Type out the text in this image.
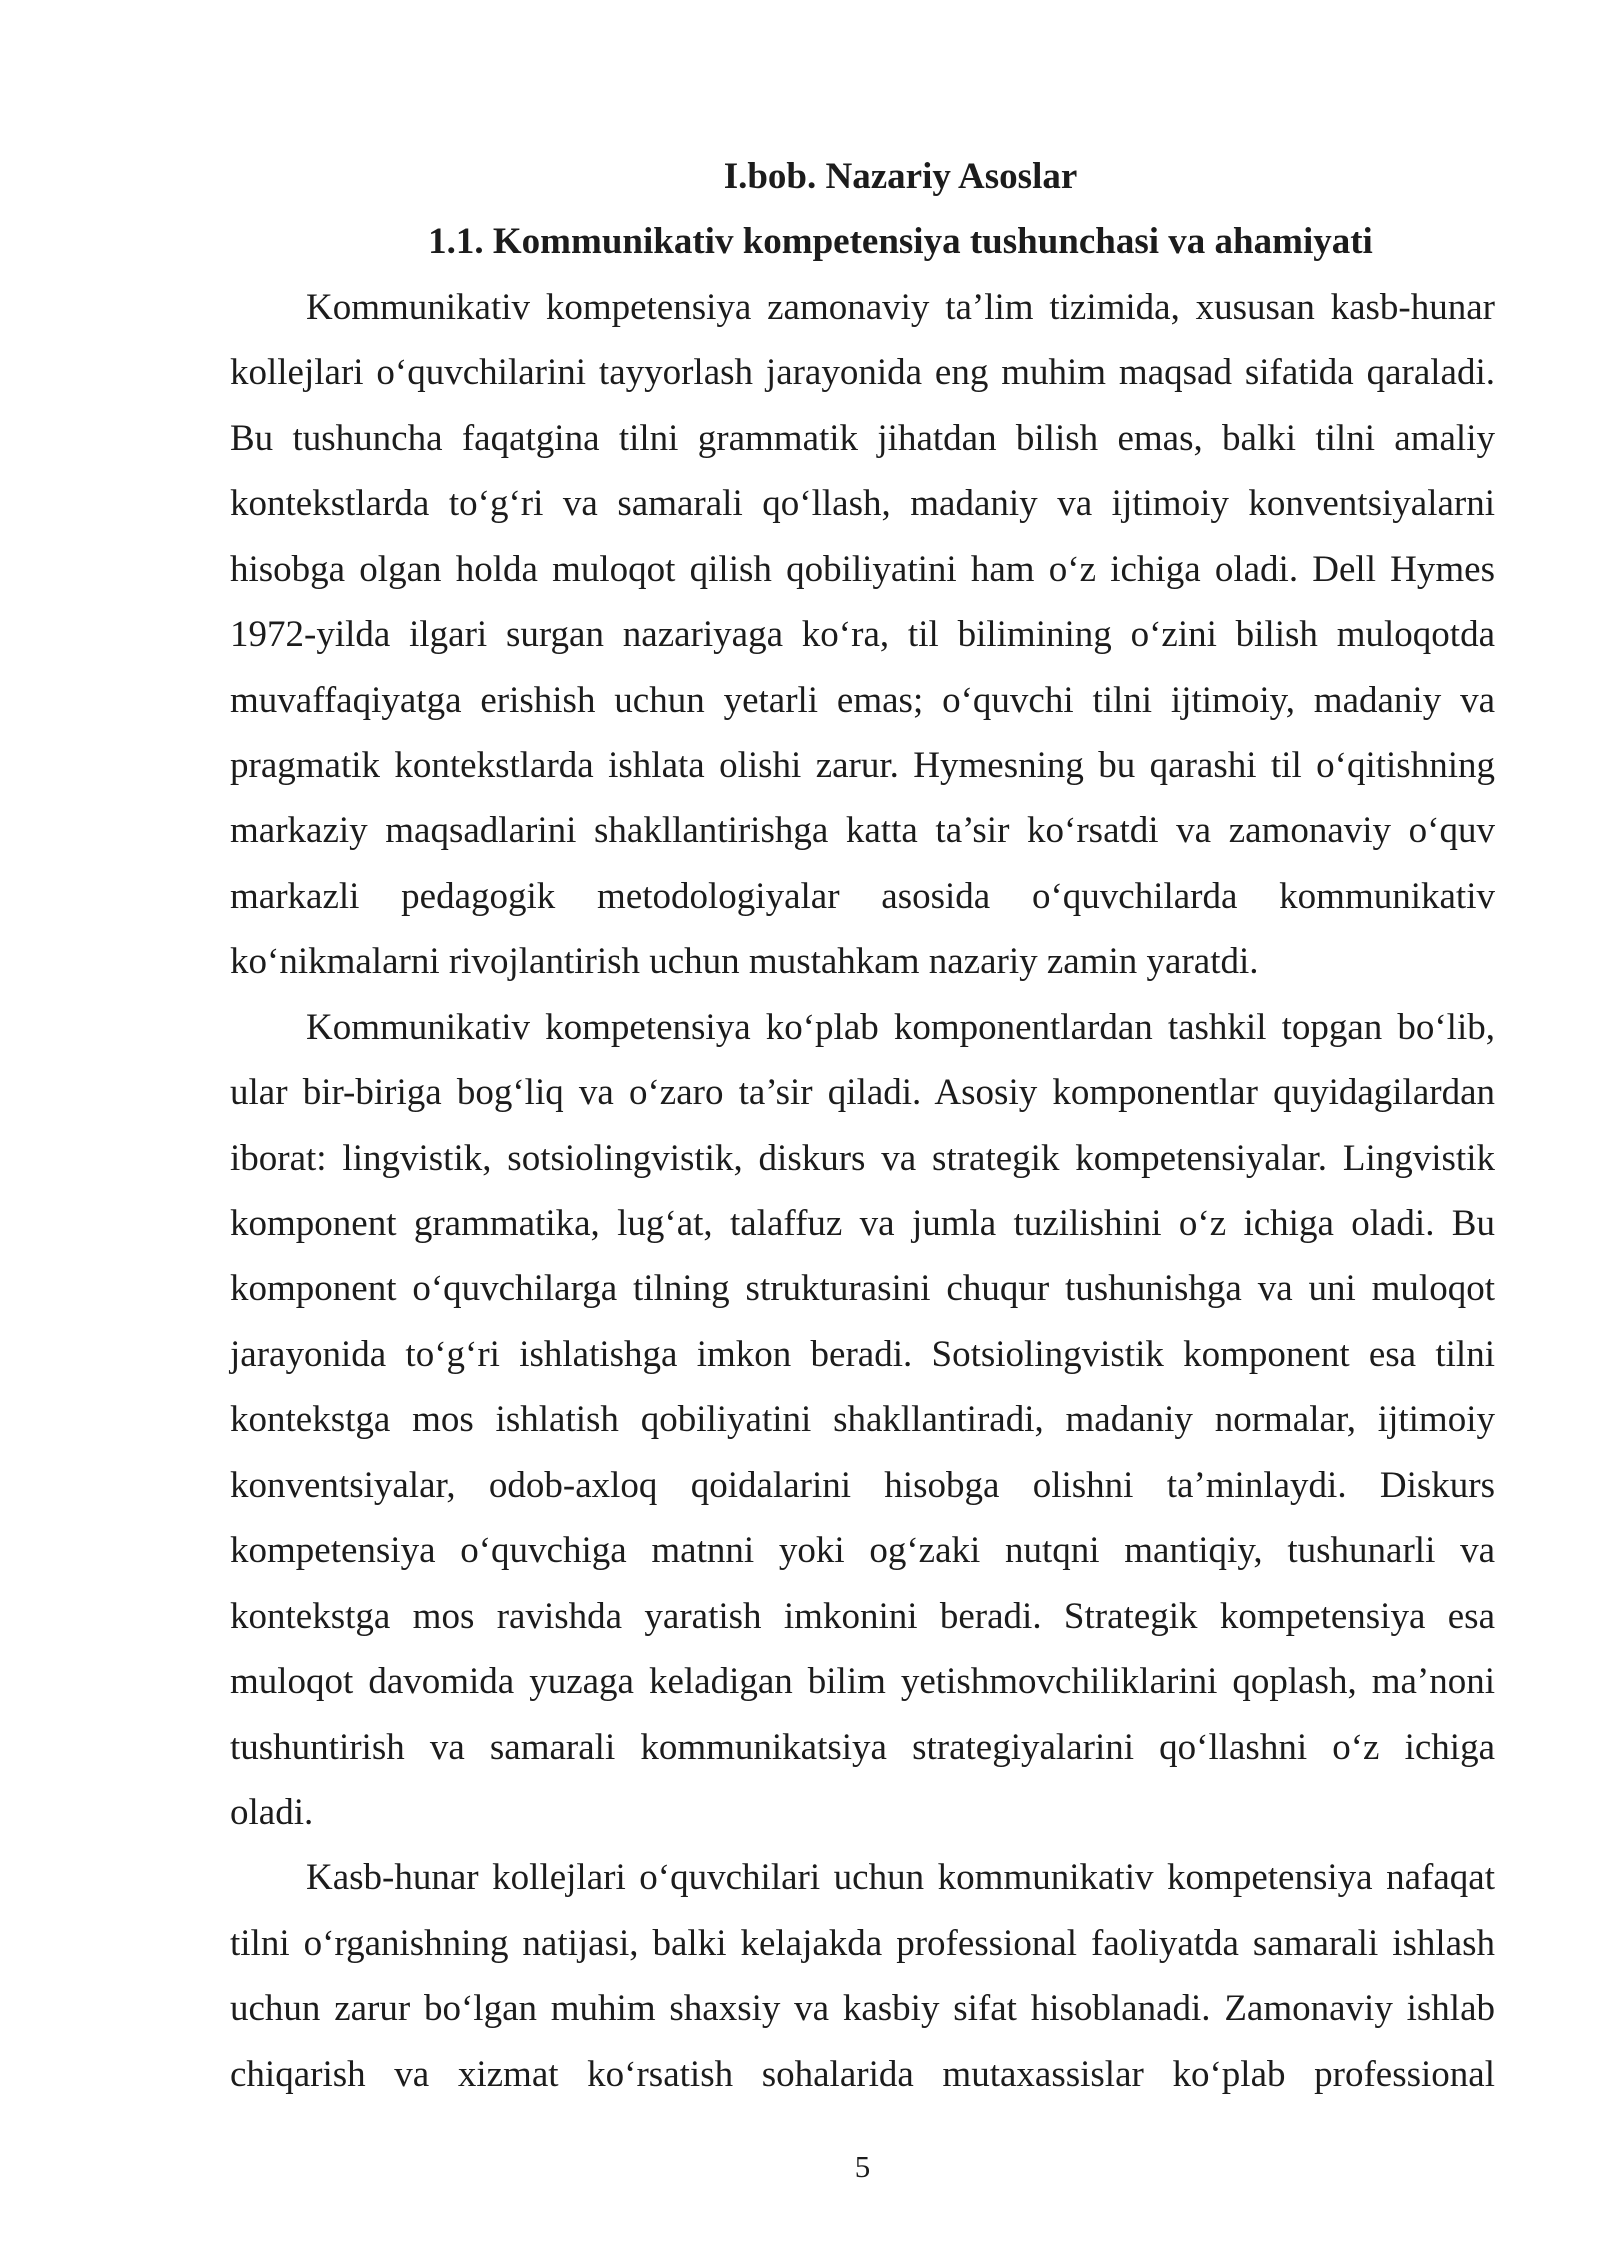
I.bob. Nazariy Asoslar
1.1. Kommunikativ kompetensiya tushunchasi va ahamiyati
Kommunikativ kompetensiya zamonaviy ta’lim tizimida, xususan kasb-hunar
kollejlari o‘quvchilarini tayyorlash jarayonida eng muhim maqsad sifatida qaraladi.
Bu tushuncha faqatgina tilni grammatik jihatdan bilish emas, balki tilni amaliy
kontekstlarda to‘g‘ri va samarali qo‘llash, madaniy va ijtimoiy konventsiyalarni
hisobga olgan holda muloqot qilish qobiliyatini ham o‘z ichiga oladi. Dell Hymes
1972-yilda ilgari surgan nazariyaga ko‘ra, til bilimining o‘zini bilish muloqotda
muvaffaqiyatga erishish uchun yetarli emas; o‘quvchi tilni ijtimoiy, madaniy va
pragmatik kontekstlarda ishlata olishi zarur. Hymesning bu qarashi til o‘qitishning
markaziy maqsadlarini shakllantirishga katta ta’sir ko‘rsatdi va zamonaviy o‘quv
markazli pedagogik metodologiyalar asosida o‘quvchilarda kommunikativ
ko‘nikmalarni rivojlantirish uchun mustahkam nazariy zamin yaratdi.
Kommunikativ kompetensiya ko‘plab komponentlardan tashkil topgan bo‘lib,
ular bir-biriga bog‘liq va o‘zaro ta’sir qiladi. Asosiy komponentlar quyidagilardan
iborat: lingvistik, sotsiolingvistik, diskurs va strategik kompetensiyalar. Lingvistik
komponent grammatika, lug‘at, talaffuz va jumla tuzilishini o‘z ichiga oladi. Bu
komponent o‘quvchilarga tilning strukturasini chuqur tushunishga va uni muloqot
jarayonida to‘g‘ri ishlatishga imkon beradi. Sotsiolingvistik komponent esa tilni
kontekstga mos ishlatish qobiliyatini shakllantiradi, madaniy normalar, ijtimoiy
konventsiyalar, odob-axloq qoidalarini hisobga olishni ta’minlaydi. Diskurs
kompetensiya o‘quvchiga matnni yoki og‘zaki nutqni mantiqiy, tushunarli va
kontekstga mos ravishda yaratish imkonini beradi. Strategik kompetensiya esa
muloqot davomida yuzaga keladigan bilim yetishmovchiliklarini qoplash, ma’noni
tushuntirish va samarali kommunikatsiya strategiyalarini qo‘llashni o‘z ichiga
oladi.
Kasb-hunar kollejlari o‘quvchilari uchun kommunikativ kompetensiya nafaqat
tilni o‘rganishning natijasi, balki kelajakda professional faoliyatda samarali ishlash
uchun zarur bo‘lgan muhim shaxsiy va kasbiy sifat hisoblanadi. Zamonaviy ishlab
chiqarish va xizmat ko‘rsatish sohalarida mutaxassislar ko‘plab professional
5
